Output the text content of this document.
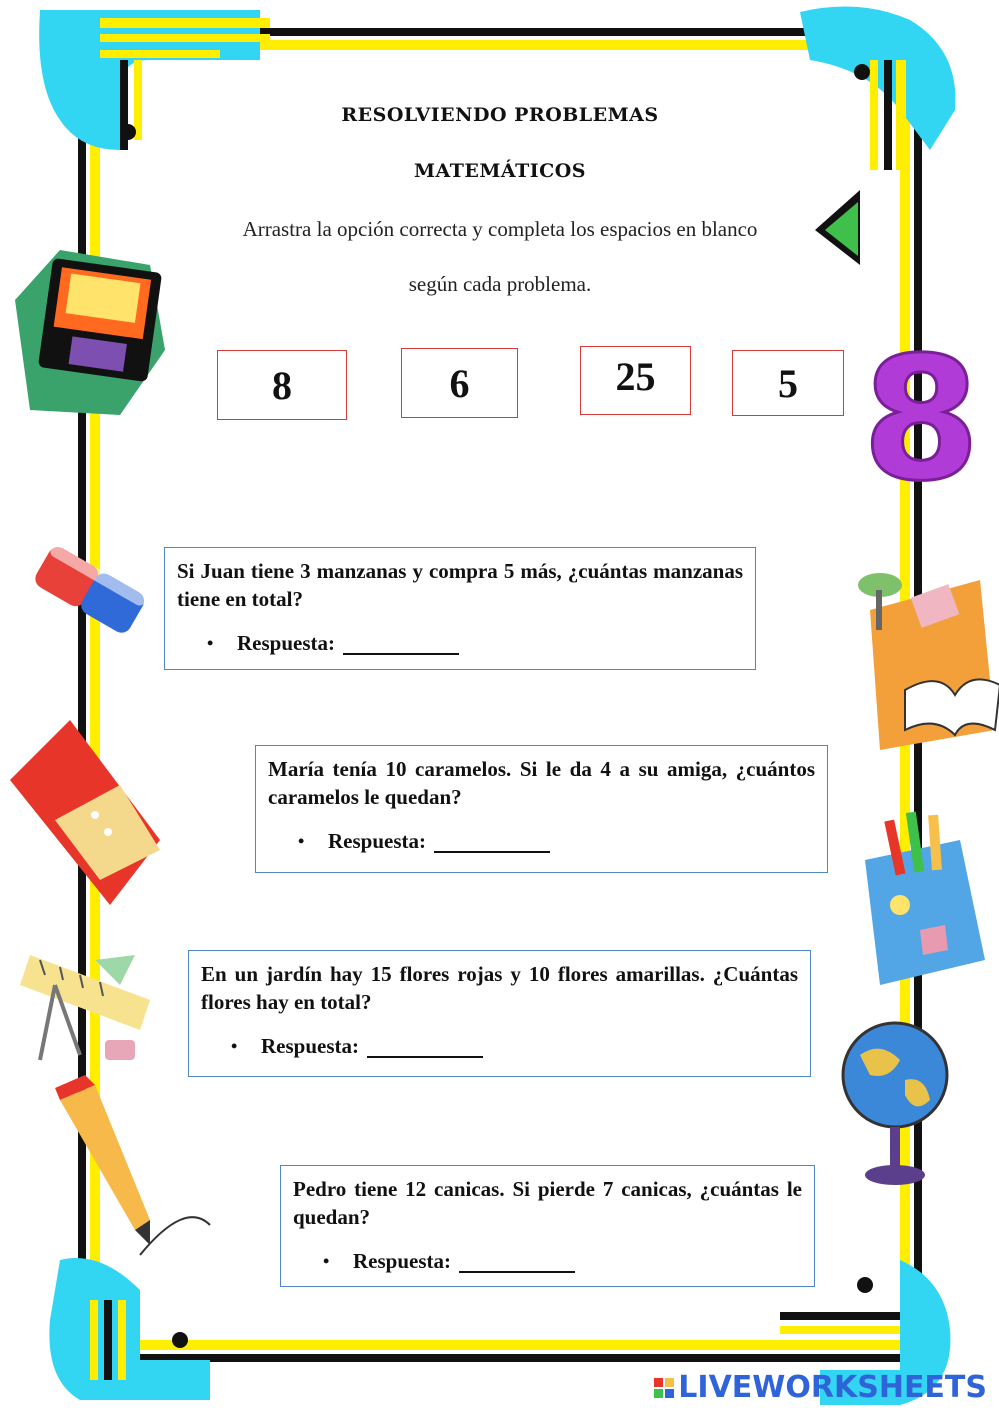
8
RESOLVIENDO PROBLEMAS
MATEMÁTICOS
Arrastra la opción correcta y completa los espacios en blanco
según cada problema.
8	6	25	5
Si Juan tiene 3 manzanas y compra 5 más, ¿cuántas manzanas tiene en total?
•	Respuesta:
María tenía 10 caramelos. Si le da 4 a su amiga, ¿cuántos caramelos le quedan?
•	Respuesta:
En un jardín hay 15 flores rojas y 10 flores amarillas. ¿Cuántas flores hay en total?
•	Respuesta:
Pedro tiene 12 canicas. Si pierde 7 canicas, ¿cuántas le quedan?
•	Respuesta:
LIVEWORKSHEETS
